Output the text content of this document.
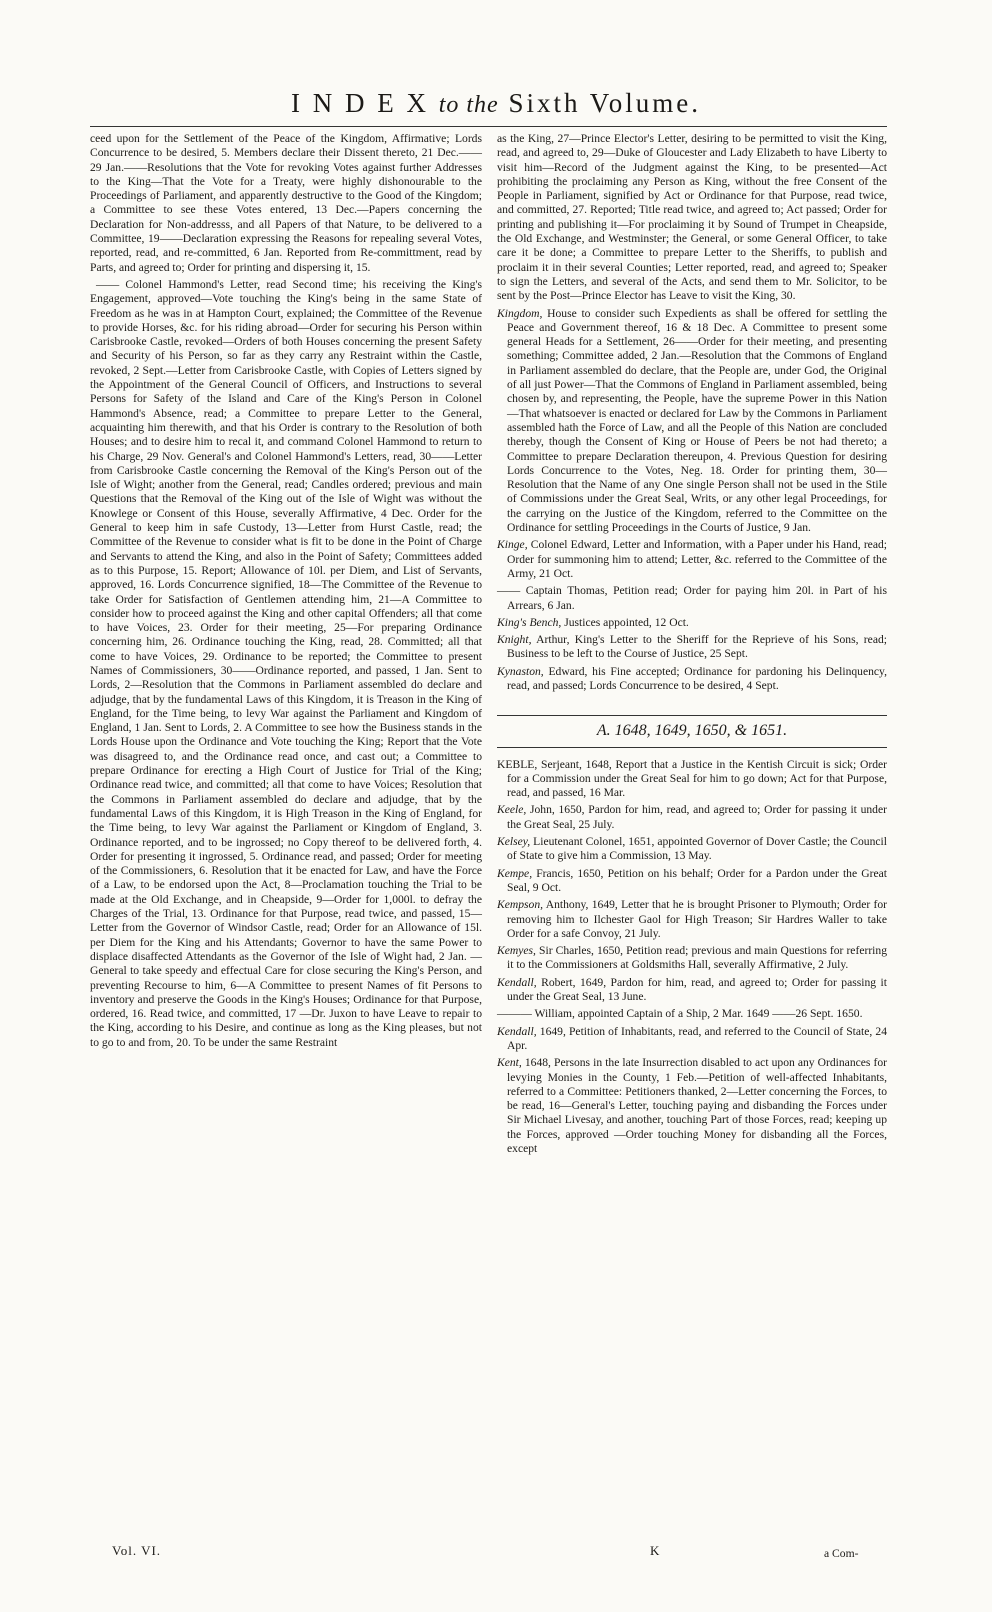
I N D E X to the Sixth Volume.

ceed upon for the Settlement of the Peace of the Kingdom, Affirmative; Lords Concurrence to be desired, 5. Members declare their Dissent thereto, 21 Dec.——29 Jan.——Resolutions that the Vote for revoking Votes against further Addresses to the King—That the Vote for a Treaty, were highly dishonourable to the Proceedings of Parliament, and apparently destructive to the Good of the Kingdom; a Committee to see these Votes entered, 13 Dec.—Papers concerning the Declaration for Non-addresss, and all Papers of that Nature, to be delivered to a Committee, 19——Declaration expressing the Reasons for repealing several Votes, reported, read, and re-committed, 6 Jan. Reported from Re-committment, read by Parts, and agreed to; Order for printing and dispersing it, 15.

—— Colonel Hammond's Letter, read Second time; his receiving the King's Engagement, approved—Vote touching the King's being in the same State of Freedom as he was in at Hampton Court, explained; the Committee of the Revenue to provide Horses, &c. for his riding abroad—Order for securing his Person within Carisbrooke Castle, revoked—Orders of both Houses concerning the present Safety and Security of his Person, so far as they carry any Restraint within the Castle, revoked, 2 Sept.—Letter from Carisbrooke Castle, with Copies of Letters signed by the Appointment of the General Council of Officers, and Instructions to several Persons for Safety of the Island and Care of the King's Person in Colonel Hammond's Absence, read; a Committee to prepare Letter to the General, acquainting him therewith, and that his Order is contrary to the Resolution of both Houses; and to desire him to recal it, and command Colonel Hammond to return to his Charge, 29 Nov. General's and Colonel Hammond's Letters, read, 30——Letter from Carisbrooke Castle concerning the Removal of the King's Person out of the Isle of Wight; another from the General, read; Candles ordered; previous and main Questions that the Removal of the King out of the Isle of Wight was without the Knowlege or Consent of this House, severally Affirmative, 4 Dec. Order for the General to keep him in safe Custody, 13—Letter from Hurst Castle, read; the Committee of the Revenue to consider what is fit to be done in the Point of Charge and Servants to attend the King, and also in the Point of Safety; Committees added as to this Purpose, 15. Report; Allowance of 10l. per Diem, and List of Servants, approved, 16. Lords Concurrence signified, 18—The Committee of the Revenue to take Order for Satisfaction of Gentlemen attending him, 21—A Committee to consider how to proceed against the King and other capital Offenders; all that come to have Voices, 23. Order for their meeting, 25—For preparing Ordinance concerning him, 26. Ordinance touching the King, read, 28. Committed; all that come to have Voices, 29. Ordinance to be reported; the Committee to present Names of Commissioners, 30——Ordinance reported, and passed, 1 Jan. Sent to Lords, 2—Resolution that the Commons in Parliament assembled do declare and adjudge, that by the fundamental Laws of this Kingdom, it is Treason in the King of England, for the Time being, to levy War against the Parliament and Kingdom of England, 1 Jan. Sent to Lords, 2. A Committee to see how the Business stands in the Lords House upon the Ordinance and Vote touching the King; Report that the Vote was disagreed to, and the Ordinance read once, and cast out; a Committee to prepare Ordinance for erecting a High Court of Justice for Trial of the King; Ordinance read twice, and committed; all that come to have Voices; Resolution that the Commons in Parliament assembled do declare and adjudge, that by the fundamental Laws of this Kingdom, it is High Treason in the King of England, for the Time being, to levy War against the Parliament or Kingdom of England, 3. Ordinance reported, and to be ingrossed; no Copy thereof to be delivered forth, 4. Order for presenting it ingrossed, 5. Ordinance read, and passed; Order for meeting of the Commissioners, 6. Resolution that it be enacted for Law, and have the Force of a Law, to be endorsed upon the Act, 8—Proclamation touching the Trial to be made at the Old Exchange, and in Cheapside, 9—Order for 1,000l. to defray the Charges of the Trial, 13. Ordinance for that Purpose, read twice, and passed, 15—Letter from the Governor of Windsor Castle, read; Order for an Allowance of 15l. per Diem for the King and his Attendants; Governor to have the same Power to displace disaffected Attendants as the Governor of the Isle of Wight had, 2 Jan. —General to take speedy and effectual Care for close securing the King's Person, and preventing Recourse to him, 6—A Committee to present Names of fit Persons to inventory and preserve the Goods in the King's Houses; Ordinance for that Purpose, ordered, 16. Read twice, and committed, 17 —Dr. Juxon to have Leave to repair to the King, according to his Desire, and continue as long as the King pleases, but not to go to and from, 20. To be under the same Restraint

as the King, 27—Prince Elector's Letter, desiring to be permitted to visit the King, read, and agreed to, 29—Duke of Gloucester and Lady Elizabeth to have Liberty to visit him—Record of the Judgment against the King, to be presented—Act prohibiting the proclaiming any Person as King, without the free Consent of the People in Parliament, signified by Act or Ordinance for that Purpose, read twice, and committed, 27. Reported; Title read twice, and agreed to; Act passed; Order for printing and publishing it—For proclaiming it by Sound of Trumpet in Cheapside, the Old Exchange, and Westminster; the General, or some General Officer, to take care it be done; a Committee to prepare Letter to the Sheriffs, to publish and proclaim it in their several Counties; Letter reported, read, and agreed to; Speaker to sign the Letters, and several of the Acts, and send them to Mr. Solicitor, to be sent by the Post—Prince Elector has Leave to visit the King, 30.

Kingdom, House to consider such Expedients as shall be offered for settling the Peace and Government thereof, 16 & 18 Dec. A Committee to present some general Heads for a Settlement, 26——Order for their meeting, and presenting something; Committee added, 2 Jan.—Resolution that the Commons of England in Parliament assembled do declare, that the People are, under God, the Original of all just Power—That the Commons of England in Parliament assembled, being chosen by, and representing, the People, have the supreme Power in this Nation—That whatsoever is enacted or declared for Law by the Commons in Parliament assembled hath the Force of Law, and all the People of this Nation are concluded thereby, though the Consent of King or House of Peers be not had thereto; a Committee to prepare Declaration thereupon, 4. Previous Question for desiring Lords Concurrence to the Votes, Neg. 18. Order for printing them, 30—Resolution that the Name of any One single Person shall not be used in the Stile of Commissions under the Great Seal, Writs, or any other legal Proceedings, for the carrying on the Justice of the Kingdom, referred to the Committee on the Ordinance for settling Proceedings in the Courts of Justice, 9 Jan.

Kinge, Colonel Edward, Letter and Information, with a Paper under his Hand, read; Order for summoning him to attend; Letter, &c. referred to the Committee of the Army, 21 Oct.

—— Captain Thomas, Petition read; Order for paying him 20l. in Part of his Arrears, 6 Jan.

King's Bench, Justices appointed, 12 Oct.

Knight, Arthur, King's Letter to the Sheriff for the Reprieve of his Sons, read; Business to be left to the Course of Justice, 25 Sept.

Kynaston, Edward, his Fine accepted; Ordinance for pardoning his Delinquency, read, and passed; Lords Concurrence to be desired, 4 Sept.

A. 1648, 1649, 1650, & 1651.

KEBLE, Serjeant, 1648, Report that a Justice in the Kentish Circuit is sick; Order for a Commission under the Great Seal for him to go down; Act for that Purpose, read, and passed, 16 Mar.

Keele, John, 1650, Pardon for him, read, and agreed to; Order for passing it under the Great Seal, 25 July.

Kelsey, Lieutenant Colonel, 1651, appointed Governor of Dover Castle; the Council of State to give him a Commission, 13 May.

Kempe, Francis, 1650, Petition on his behalf; Order for a Pardon under the Great Seal, 9 Oct.

Kempson, Anthony, 1649, Letter that he is brought Prisoner to Plymouth; Order for removing him to Ilchester Gaol for High Treason; Sir Hardres Waller to take Order for a safe Convoy, 21 July.

Kemyes, Sir Charles, 1650, Petition read; previous and main Questions for referring it to the Commissioners at Goldsmiths Hall, severally Affirmative, 2 July.

Kendall, Robert, 1649, Pardon for him, read, and agreed to; Order for passing it under the Great Seal, 13 June.

——— William, appointed Captain of a Ship, 2 Mar. 1649 ——26 Sept. 1650.

Kendall, 1649, Petition of Inhabitants, read, and referred to the Council of State, 24 Apr.

Kent, 1648, Persons in the late Insurrection disabled to act upon any Ordinances for levying Monies in the County, 1 Feb.—Petition of well-affected Inhabitants, referred to a Committee: Petitioners thanked, 2—Letter concerning the Forces, to be read, 16—General's Letter, touching paying and disbanding the Forces under Sir Michael Livesay, and another, touching Part of those Forces, read; keeping up the Forces, approved —Order touching Money for disbanding all the Forces, except

Vol. VI.	K	a Com-
